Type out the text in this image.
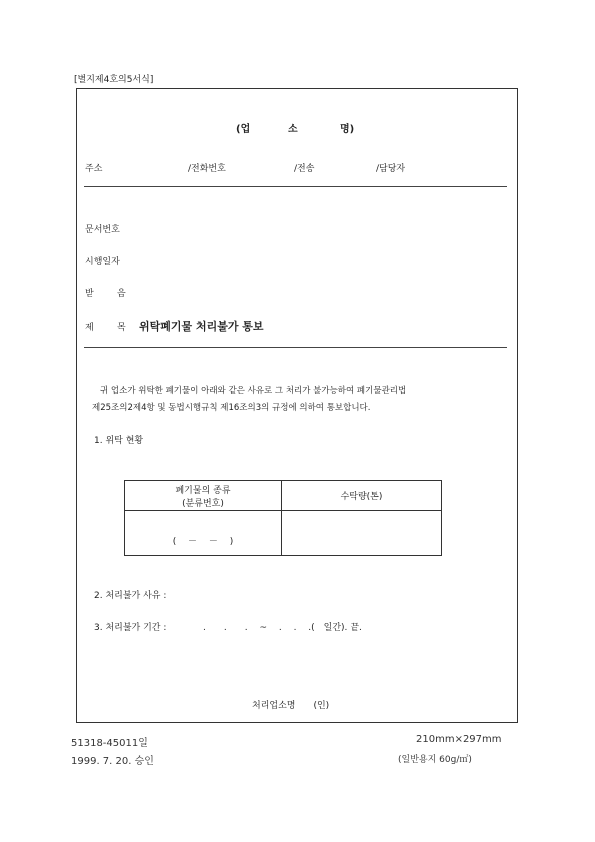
[별지제4호의5서식]
(업	소	명)
주소	/전화번호	/전송	/담당자
문서번호
시행일자
받	음
제	목 위탁폐기물 처리불가 통보
귀 업소가 위탁한 폐기물이 아래와 같은 사유로 그 처리가 불가능하여 폐기물관리법
제25조의2제4항 및 동법시행규칙 제16조의3의 규정에 의하여 통보합니다.
1. 위탁 현황
폐기물의 종류
(분류번호)	수탁량(톤)
(　 －　 －　 )	
2. 처리불가 사유 :
3. 처리불가 기간 :	.　　.　　.　 ~　 .　 .　 .(　일간). 끝.
처리업소명　　(인)
51318-45011일
1999. 7. 20. 승인
210mm×297mm
(일반용지 60g/㎡)
